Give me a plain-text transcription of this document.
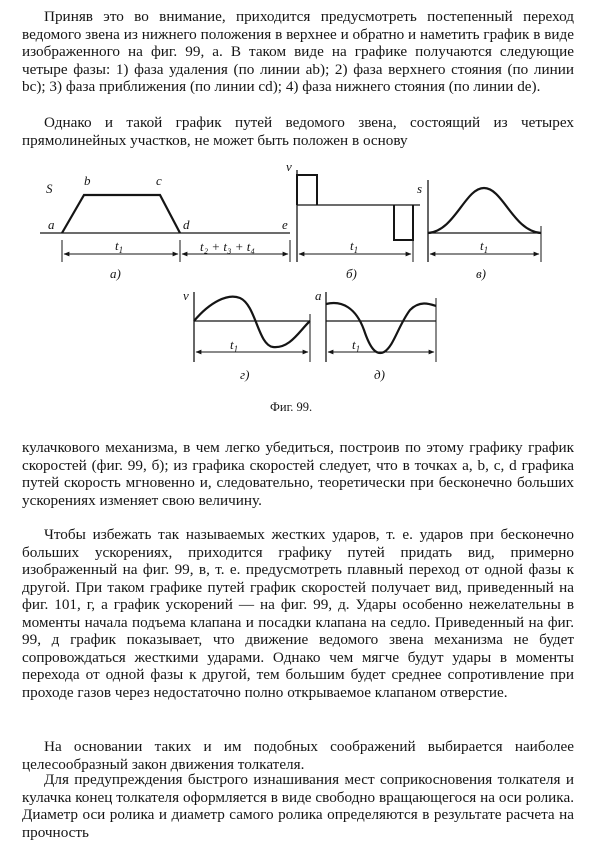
Приняв это во внимание, приходится предусмотреть постепенный переход ведомого звена из нижнего положения в верхнее и обратно и наметить график в виде изображенного на фиг. 99, а. В таком виде на графике получаются следующие четыре фазы: 1) фаза удаления (по линии ab); 2) фаза верхнего стояния (по линии bc); 3) фаза приближения (по линии cd); 4) фаза нижнего стояния (по линии de).

Однако и такой график путей ведомого звена, состоящий из четырех прямолинейных участков, не может быть положен в основу

S
a
b	c
d	e
$t_1$	t₂ + t₃ + t₄
а)
v
$t_1$
б)
s
$t_1$
в)
v
$t_1$
г)
a
$t_1$
д)
Фиг. 99.

кулачкового механизма, в чем легко убедиться, построив по этому графику график скоростей (фиг. 99, б); из графика скоростей следует, что в точках a, b, c, d графика путей скорость мгновенно и, следовательно, теоретически при бесконечно больших ускорениях изменяет свою величину.

Чтобы избежать так называемых жестких ударов, т. е. ударов при бесконечно больших ускорениях, приходится графику путей придать вид, примерно изображенный на фиг. 99, в, т. е. предусмотреть плавный переход от одной фазы к другой. При таком графике путей график скоростей получает вид, приведенный на фиг. 101, г, а график ускорений — на фиг. 99, д. Удары особенно нежелательны в моменты начала подъема клапана и посадки клапана на седло. Приведенный на фиг. 99, д график показывает, что движение ведомого звена механизма не будет сопровождаться жесткими ударами. Однако чем мягче будут удары в моменты перехода от одной фазы к другой, тем большим будет среднее сопротивление при проходе газов через недостаточно полно открываемое клапаном отверстие.

На основании таких и им подобных соображений выбирается наиболее целесообразный закон движения толкателя.

Для предупреждения быстрого изнашивания мест соприкосновения толкателя и кулачка конец толкателя оформляется в виде свободно вращающегося на оси ролика. Диаметр оси ролика и диаметр самого ролика определяются в результате расчета на прочность
